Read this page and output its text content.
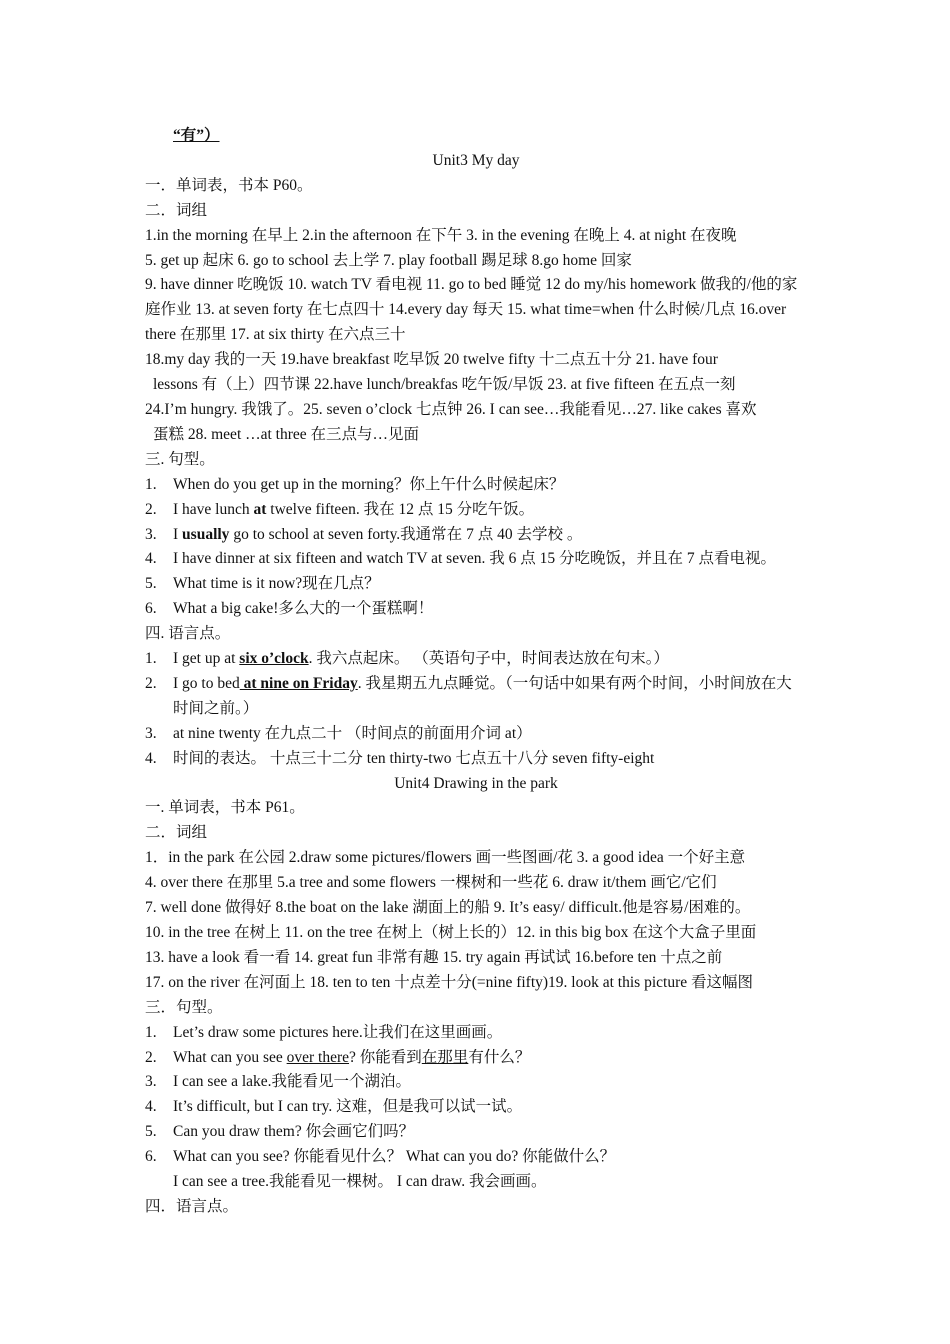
“有”）
Unit3 My day
一．单词表，书本 P60。
二．词组
1.in the morning 在早上 2.in the afternoon 在下午 3. in the evening 在晚上 4. at night 在夜晚
5. get up 起床 6. go to school 去上学 7. play football 踢足球 8.go home 回家
9. have dinner 吃晚饭 10. watch TV 看电视 11. go to bed 睡觉 12 do my/his homework 做我的/他的家庭作业 13. at seven forty 在七点四十 14.every day 每天 15. what time=when 什么时候/几点 16.over there 在那里 17. at six thirty 在六点三十
18.my day 我的一天 19.have breakfast 吃早饭 20 twelve fifty 十二点五十分 21. have four
lessons 有（上）四节课 22.have lunch/breakfas 吃午饭/早饭 23. at five fifteen 在五点一刻
24.I’m hungry. 我饿了。25. seven o’clock 七点钟 26. I can see…我能看见…27. like cakes 喜欢
蛋糕 28. meet …at three 在三点与…见面
三. 句型。
1.	When do you get up in the morning？你上午什么时候起床？
2.	I have lunch at twelve fifteen. 我在 12 点 15 分吃午饭。
3.	I usually go to school at seven forty.我通常在 7 点 40 去学校 。
4.	I have dinner at six fifteen and watch TV at seven. 我 6 点 15 分吃晚饭，并且在 7 点看电视。
5.	What time is it now?现在几点？
6.	What a big cake!多么大的一个蛋糕啊！
四. 语言点。
1.	I get up at six o’clock. 我六点起床。 （英语句子中，时间表达放在句末。）
2.	I go to bed at nine on Friday. 我星期五九点睡觉。（一句话中如果有两个时间，小时间放在大时间之前。）
3.	at nine twenty 在九点二十 （时间点的前面用介词 at）
4.	时间的表达。 十点三十二分 ten thirty-two 七点五十八分 seven fifty-eight
Unit4 Drawing in the park
一. 单词表，书本 P61。
二．词组
1．in the park 在公园 2.draw some pictures/flowers 画一些图画/花 3. a good idea 一个好主意
4. over there 在那里 5.a tree and some flowers 一棵树和一些花 6. draw it/them 画它/它们
7. well done 做得好 8.the boat on the lake 湖面上的船 9. It’s easy/ difficult.他是容易/困难的。
10. in the tree 在树上 11. on the tree 在树上（树上长的）12. in this big box 在这个大盒子里面
13. have a look 看一看 14. great fun 非常有趣 15. try again 再试试 16.before ten 十点之前
17. on the river 在河面上 18. ten to ten 十点差十分(=nine fifty)19. look at this picture 看这幅图
三．句型。
1.	Let’s draw some pictures here.让我们在这里画画。
2.	What can you see over there? 你能看到在那里有什么？
3.	I can see a lake.我能看见一个湖泊。
4.	It’s difficult, but I can try. 这难，但是我可以试一试。
5.	Can you draw them? 你会画它们吗？
6.	What can you see? 你能看见什么？ What can you do? 你能做什么？
I can see a tree.我能看见一棵树。 I can draw. 我会画画。
四．语言点。
